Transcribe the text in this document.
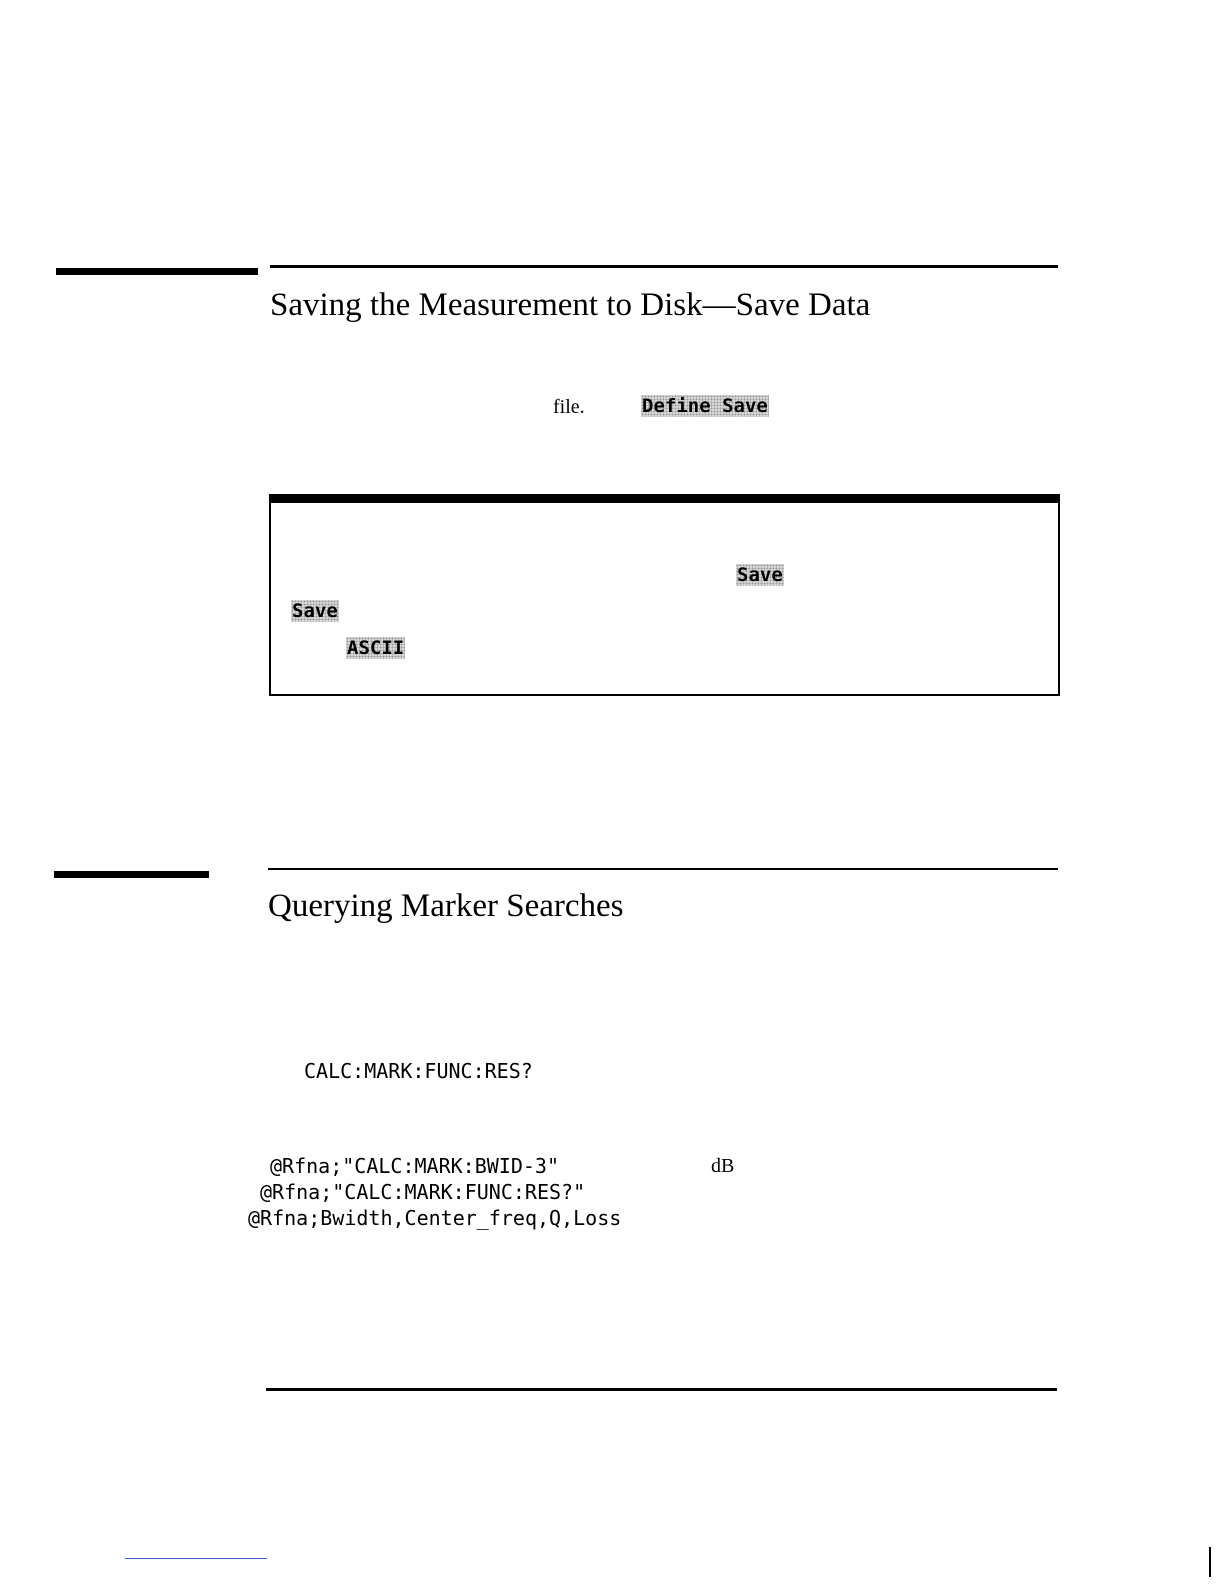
Saving the Measurement to Disk—Save Data
file.	Define Save
Save
Save
ASCII
Querying Marker Searches
CALC:MARK:FUNC:RES?
@Rfna;"CALC:MARK:BWID-3"	dB
@Rfna;"CALC:MARK:FUNC:RES?"
@Rfna;Bwidth,Center_freq,Q,Loss
